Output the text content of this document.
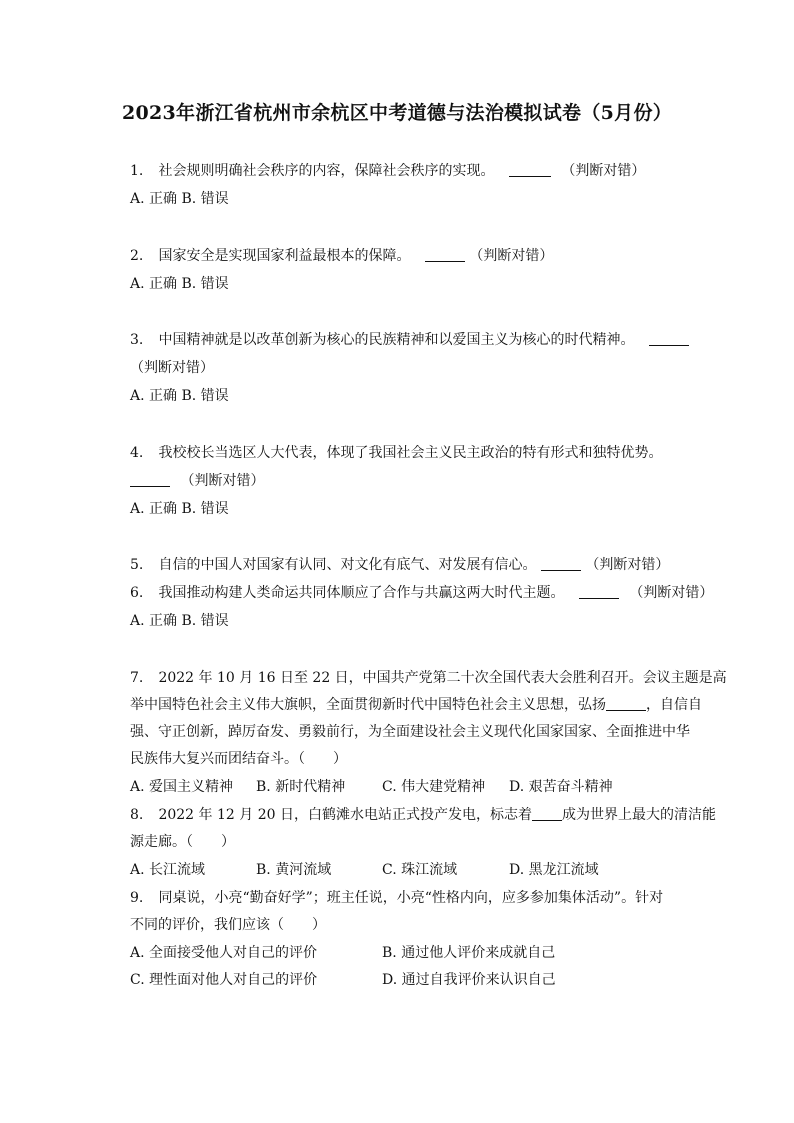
2023年浙江省杭州市余杭区中考道德与法治模拟试卷（5月份）
1. 社会规则明确社会秩序的内容，保障社会秩序的实现。	（判断对错）
A. 正确 B. 错误
2. 国家安全是实现国家利益最根本的保障。	（判断对错）
A. 正确 B. 错误
3. 中国精神就是以改革创新为核心的民族精神和以爱国主义为核心的时代精神。
（判断对错）
A. 正确 B. 错误
4. 我校校长当选区人大代表，体现了我国社会主义民主政治的特有形式和独特优势。
（判断对错）
A. 正确 B. 错误
5. 自信的中国人对国家有认同、对文化有底气、对发展有信心。	（判断对错）
6. 我国推动构建人类命运共同体顺应了合作与共赢这两大时代主题。	（判断对错）
A. 正确 B. 错误
7. 2022 年 10 月 16 日至 22 日，中国共产党第二十次全国代表大会胜利召开。会议主题是高
举中国特色社会主义伟大旗帜，全面贯彻新时代中国特色社会主义思想，弘扬	，自信自
强、守正创新，踔厉奋发、勇毅前行，为全面建设社会主义现代化国家国家、全面推进中华
民族伟大复兴而团结奋斗。（　　）
A. 爱国主义精神 B. 新时代精神	C. 伟大建党精神 D. 艰苦奋斗精神
8. 2022 年 12 月 20 日，白鹤滩水电站正式投产发电，标志着 成为世界上最大的清洁能
源走廊。（　　）
A. 长江流域	B. 黄河流域	C. 珠江流域	D. 黑龙江流域
9. 同桌说，小亮“勤奋好学”；班主任说，小亮“性格内向，应多参加集体活动”。针对
不同的评价，我们应该（　　）
A. 全面接受他人对自己的评价	B. 通过他人评价来成就自己
C. 理性面对他人对自己的评价	D. 通过自我评价来认识自己
